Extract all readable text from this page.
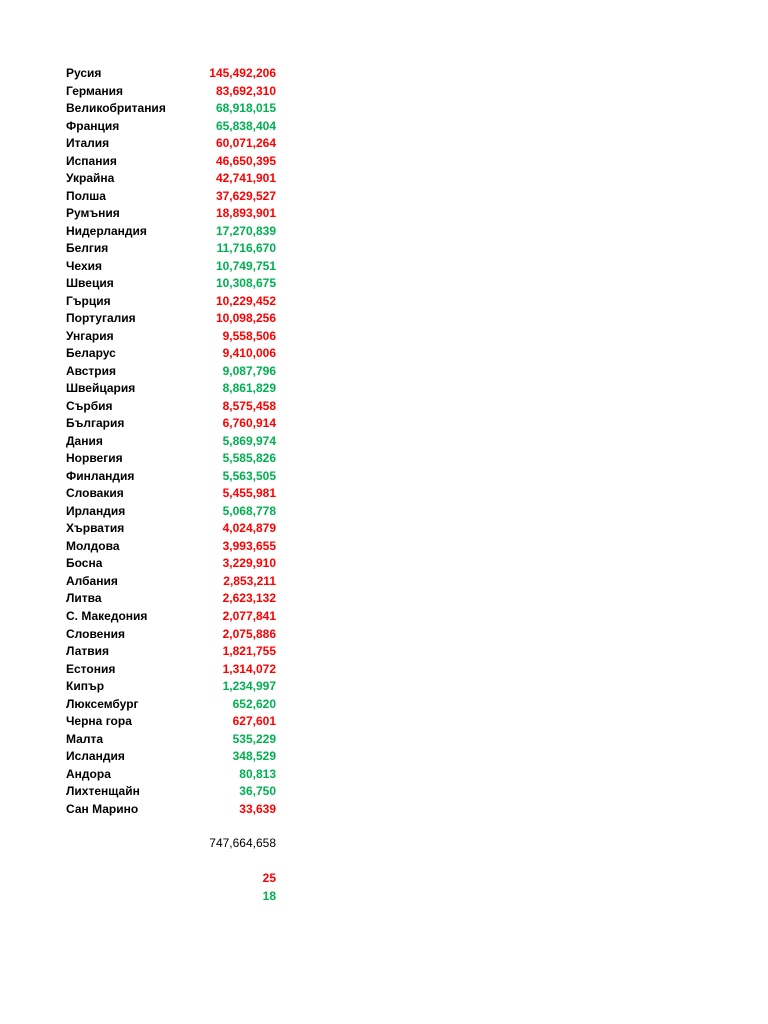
Русия	145,492,206
Германия	83,692,310
Великобритания	68,918,015
Франция	65,838,404
Италия	60,071,264
Испания	46,650,395
Украйна	42,741,901
Полша	37,629,527
Румъния	18,893,901
Нидерландия	17,270,839
Белгия	11,716,670
Чехия	10,749,751
Швеция	10,308,675
Гърция	10,229,452
Португалия	10,098,256
Унгария	9,558,506
Беларус	9,410,006
Австрия	9,087,796
Швейцария	8,861,829
Сърбия	8,575,458
България	6,760,914
Дания	5,869,974
Норвегия	5,585,826
Финландия	5,563,505
Словакия	5,455,981
Ирландия	5,068,778
Хърватия	4,024,879
Молдова	3,993,655
Босна	3,229,910
Албания	2,853,211
Литва	2,623,132
С. Македония	2,077,841
Словения	2,075,886
Латвия	1,821,755
Естония	1,314,072
Кипър	1,234,997
Люксембург	652,620
Черна гора	627,601
Малта	535,229
Исландия	348,529
Андора	80,813
Лихтенщайн	36,750
Сан Марино	33,639
747,664,658
25
18
